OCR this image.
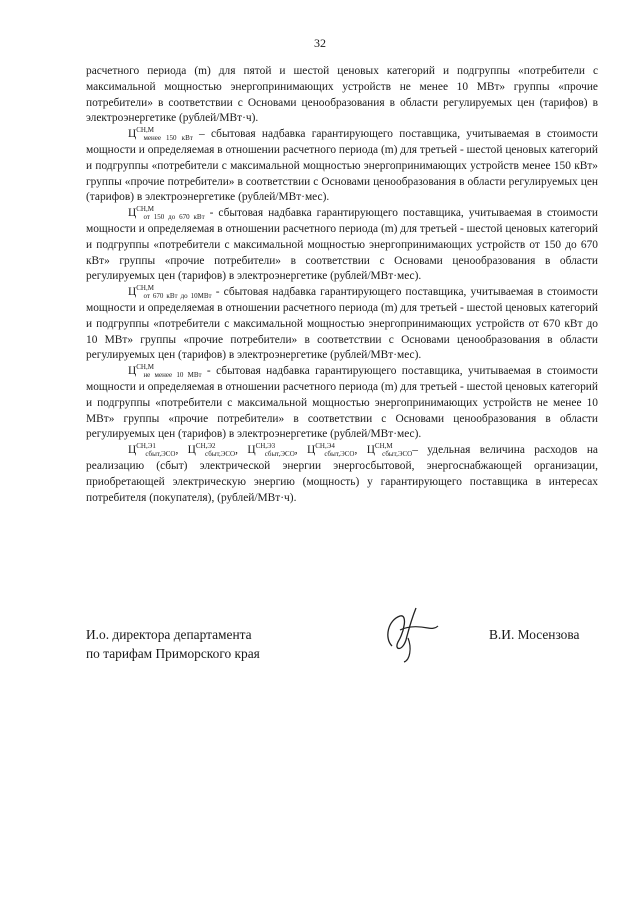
32

расчетного периода (m) для пятой и шестой ценовых категорий и подгруппы «потребители с максимальной мощностью энергопринимающих устройств не менее 10 МВт» группы «прочие потребители» в соответствии с Основами ценообразования в области регулируемых цен (тарифов) в электроэнергетике (рублей/МВт·ч).

$Ц^{СН,М}_{менее 150 кВт}$ – сбытовая надбавка гарантирующего поставщика, учитываемая в стоимости мощности и определяемая в отношении расчетного периода (m) для третьей - шестой ценовых категорий и подгруппы «потребители с максимальной мощностью энергопринимающих устройств менее 150 кВт» группы «прочие потребители» в соответствии с Основами ценообразования в области регулируемых цен (тарифов) в электроэнергетике (рублей/МВт·мес).

$Ц^{СН,М}_{от 150 до 670 кВт}$ - сбытовая надбавка гарантирующего поставщика, учитываемая в стоимости мощности и определяемая в отношении расчетного периода (m) для третьей - шестой ценовых категорий и подгруппы «потребители с максимальной мощностью энергопринимающих устройств от 150 до 670 кВт» группы «прочие потребители» в соответствии с Основами ценообразования в области регулируемых цен (тарифов) в электроэнергетике (рублей/МВт·мес).

$Ц^{СН,М}_{от 670 кВт до 10МВт}$ - сбытовая надбавка гарантирующего поставщика, учитываемая в стоимости мощности и определяемая в отношении расчетного периода (m) для третьей - шестой ценовых категорий и подгруппы «потребители с максимальной мощностью энергопринимающих устройств от 670 кВт до 10 МВт» группы «прочие потребители» в соответствии с Основами ценообразования в области регулируемых цен (тарифов) в электроэнергетике (рублей/МВт·мес).

$Ц^{СН,М}_{не менее 10 МВт}$ - сбытовая надбавка гарантирующего поставщика, учитываемая в стоимости мощности и определяемая в отношении расчетного периода (m) для третьей - шестой ценовых категорий и подгруппы «потребители с максимальной мощностью энергопринимающих устройств не менее 10 МВт» группы «прочие потребители» в соответствии с Основами ценообразования в области регулируемых цен (тарифов) в электроэнергетике (рублей/МВт·мес).

$Ц^{СН,Э1}_{сбыт,ЭСО}$, $Ц^{СН,Э2}_{сбыт,ЭСО}$, $Ц^{СН,Э3}_{сбыт,ЭСО}$, $Ц^{СН,Э4}_{сбыт,ЭСО}$, $Ц^{СН,М}_{сбыт,ЭСО}-$ удельная величина расходов на реализацию (сбыт) электрической энергии энергосбытовой, энергоснабжающей организации, приобретающей электрическую энергию (мощность) у гарантирующего поставщика в интересах потребителя (покупателя), (рублей/МВт·ч).

И.о. директора департамента
по тарифам Приморского края
В.И. Мосензова
